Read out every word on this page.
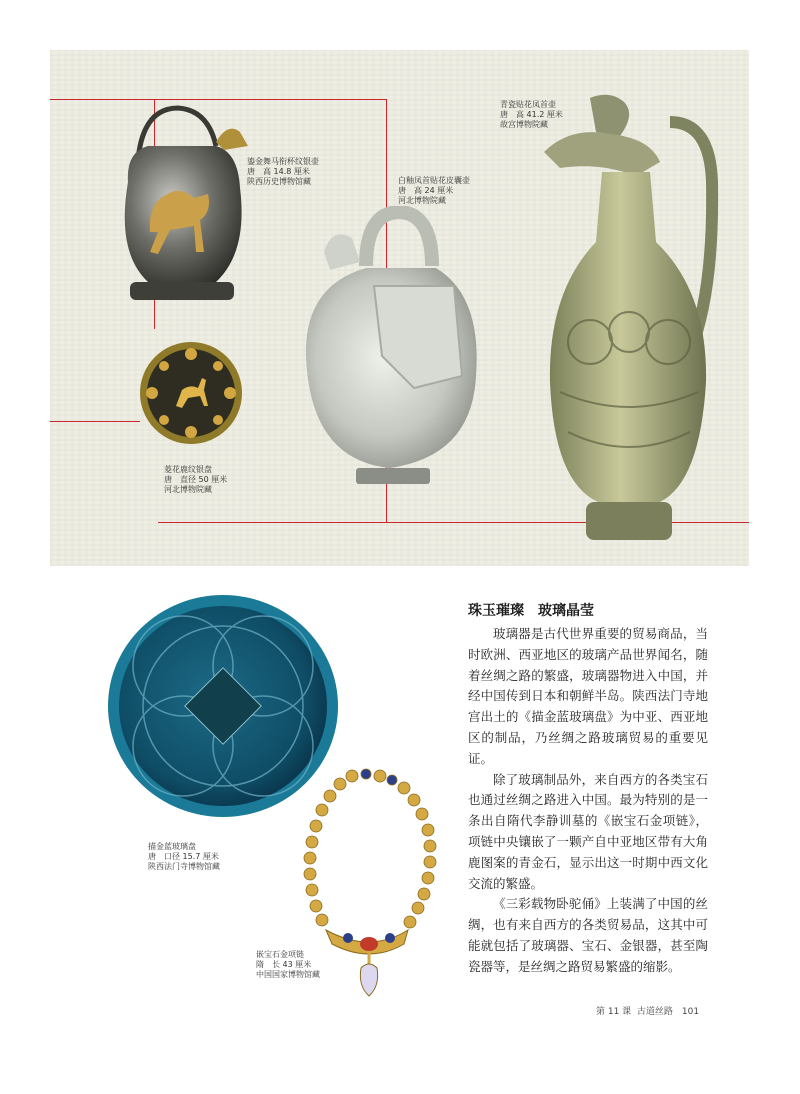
鎏金舞马衔杯纹银壶
唐　高 14.8 厘米
陕西历史博物馆藏
菱花鹿纹银盘
唐　直径 50 厘米
河北博物院藏
白釉凤首贴花皮囊壶
唐　高 24 厘米
河北博物院藏
青瓷贴花凤首壶
唐　高 41.2 厘米
故宫博物院藏
描金蓝玻璃盘
唐　口径 15.7 厘米
陕西法门寺博物馆藏
嵌宝石金项链
隋　长 43 厘米
中国国家博物馆藏
珠玉璀璨　玻璃晶莹

玻璃器是古代世界重要的贸易商品，当时欧洲、西亚地区的玻璃产品世界闻名，随着丝绸之路的繁盛，玻璃器物进入中国，并经中国传到日本和朝鲜半岛。陕西法门寺地宫出土的《描金蓝玻璃盘》为中亚、西亚地区的制品，乃丝绸之路玻璃贸易的重要见证。

除了玻璃制品外，来自西方的各类宝石也通过丝绸之路进入中国。最为特别的是一条出自隋代李静训墓的《嵌宝石金项链》，项链中央镶嵌了一颗产自中亚地区带有大角鹿图案的青金石，显示出这一时期中西文化交流的繁盛。

《三彩载物卧驼俑》上装满了中国的丝绸，也有来自西方的各类贸易品，这其中可能就包括了玻璃器、宝石、金银器，甚至陶瓷器等，是丝绸之路贸易繁盛的缩影。

第 11 课  古道丝路　101
